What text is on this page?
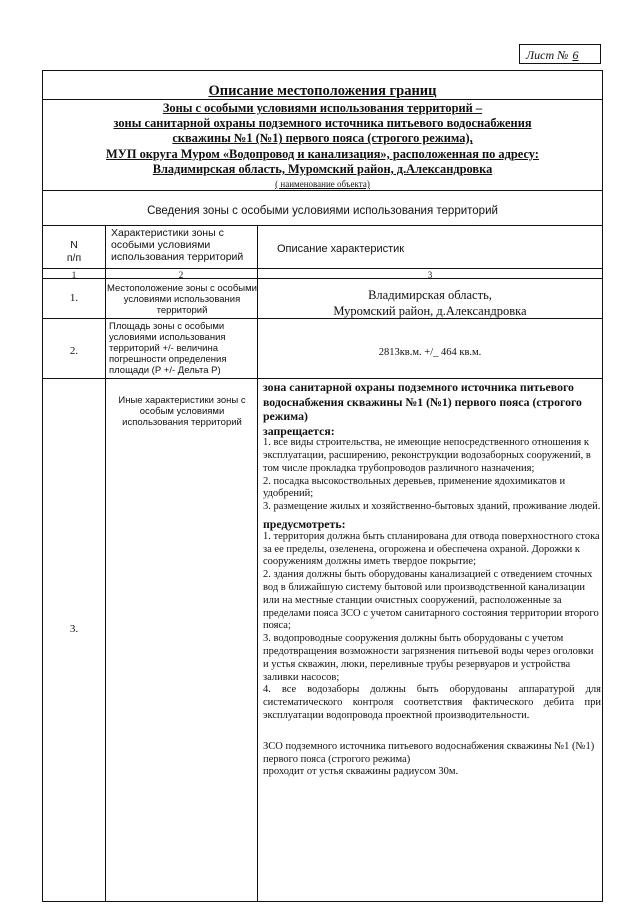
Лист № 6
Описание местоположения границ
Зоны с особыми условиями использования территорий –
зоны санитарной охраны подземного источника питьевого водоснабжения
скважины №1 (№1) первого пояса (строгого режима),
МУП округа Муром «Водопровод и канализация», расположенная по адресу:
Владимирская область, Муромский район, д.Александровка
( наименование объекта)
Сведения зоны с особыми условиями использования территорий
N
п/п
Характеристики зоны с особыми условиями использования территорий
Описание характеристик
1	2	3
1.
Местоположение зоны с особыми условиями использования территорий
Владимирская область,
Муромский район, д.Александровка
2.
Площадь зоны с особыми условиями использования территорий +/- величина погрешности определения площади (Р +/- Дельта Р)
2813кв.м. +/_ 464 кв.м.
3.
Иные характеристики зоны с особым условиями использования территорий

зона санитарной охраны подземного источника питьевого водоснабжения скважины №1 (№1) первого пояса (строгого режима)

запрещается:

1. все виды строительства, не имеющие непосредственного отношения к эксплуатации, расширению, реконструкции водозаборных сооружений, в том числе прокладка трубопроводов различного назначения;

2. посадка высокоствольных деревьев, применение ядохимикатов и удобрений;

3. размещение жилых и хозяйственно-бытовых зданий, проживание людей.

предусмотреть:

1. территория должна быть спланирована для отвода поверхностного стока за ее пределы, озеленена, огорожена и обеспечена охраной. Дорожки к сооружениям должны иметь твердое покрытие;

2. здания должны быть оборудованы канализацией с отведением сточных вод в ближайшую систему бытовой или производственной канализации или на местные станции очистных сооружений, расположенные за пределами пояса ЗСО с учетом санитарного состояния территории второго пояса;

3. водопроводные сооружения должны быть оборудованы с учетом предотвращения возможности загрязнения питьевой воды через оголовки и устья скважин, люки, переливные трубы резервуаров и устройства заливки насосов;

4. все водозаборы должны быть оборудованы аппаратурой для систематического контроля соответствия фактического дебита при эксплуатации водопровода проектной производительности.

ЗСО подземного источника питьевого водоснабжения скважины №1 (№1) первого пояса (строгого режима)

проходит от устья скважины радиусом 30м.
